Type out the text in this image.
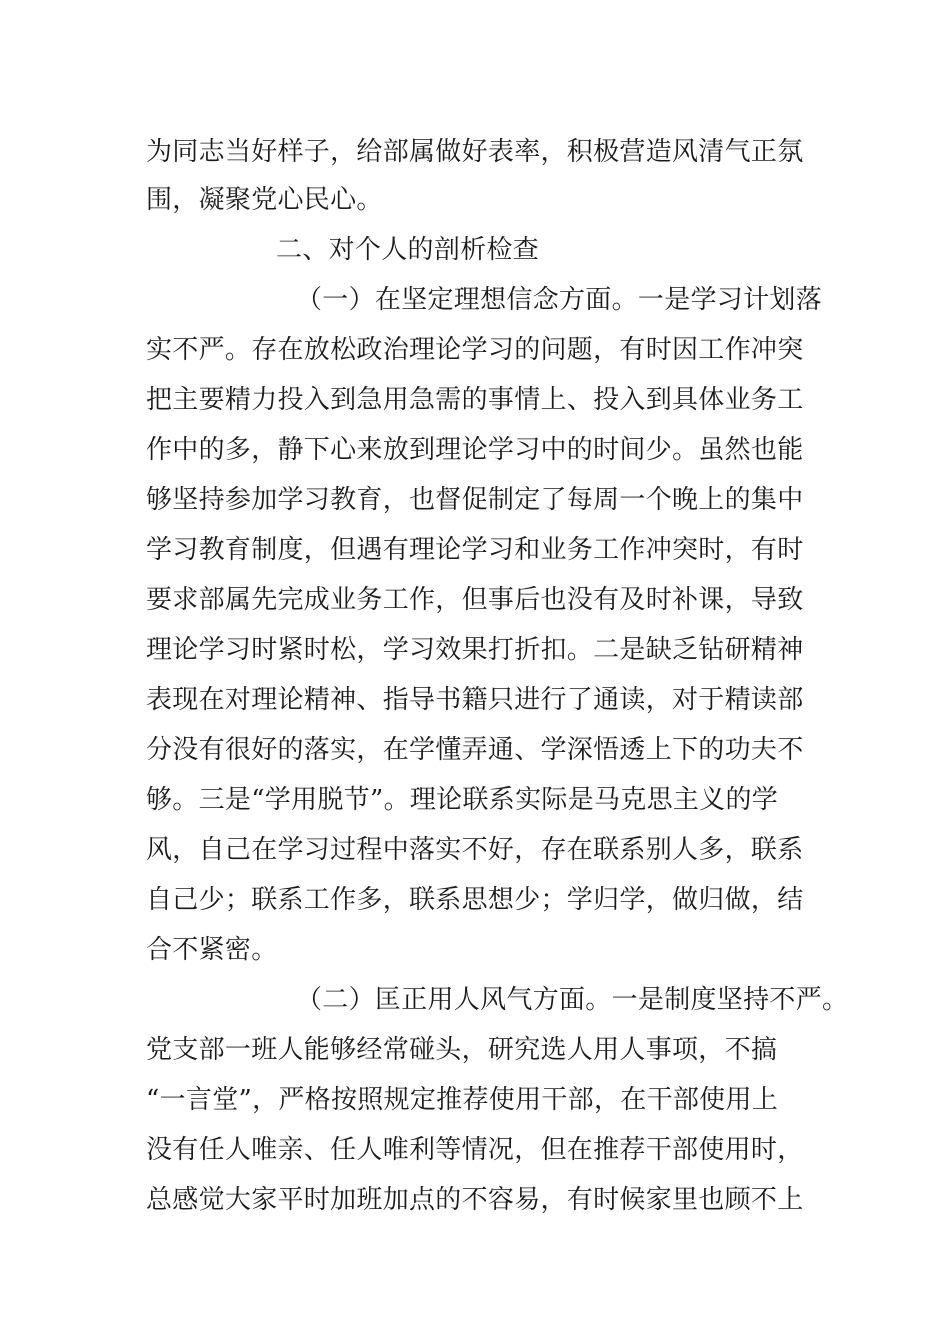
为同志当好样子，给部属做好表率，积极营造风清气正氛
围，凝聚党心民心。
二、对个人的剖析检查
（一）在坚定理想信念方面。一是学习计划落
实不严。存在放松政治理论学习的问题，有时因工作冲突
把主要精力投入到急用急需的事情上、投入到具体业务工
作中的多，静下心来放到理论学习中的时间少。虽然也能
够坚持参加学习教育，也督促制定了每周一个晚上的集中
学习教育制度，但遇有理论学习和业务工作冲突时，有时
要求部属先完成业务工作，但事后也没有及时补课，导致
理论学习时紧时松，学习效果打折扣。二是缺乏钻研精神
表现在对理论精神、指导书籍只进行了通读，对于精读部
分没有很好的落实，在学懂弄通、学深悟透上下的功夫不
够。三是“学用脱节”。理论联系实际是马克思主义的学
风，自己在学习过程中落实不好，存在联系别人多，联系
自己少；联系工作多，联系思想少；学归学，做归做，结
合不紧密。
（二）匡正用人风气方面。一是制度坚持不严。
党支部一班人能够经常碰头，研究选人用人事项，不搞
“一言堂”，严格按照规定推荐使用干部，在干部使用上
没有任人唯亲、任人唯利等情况，但在推荐干部使用时，
总感觉大家平时加班加点的不容易，有时候家里也顾不上
